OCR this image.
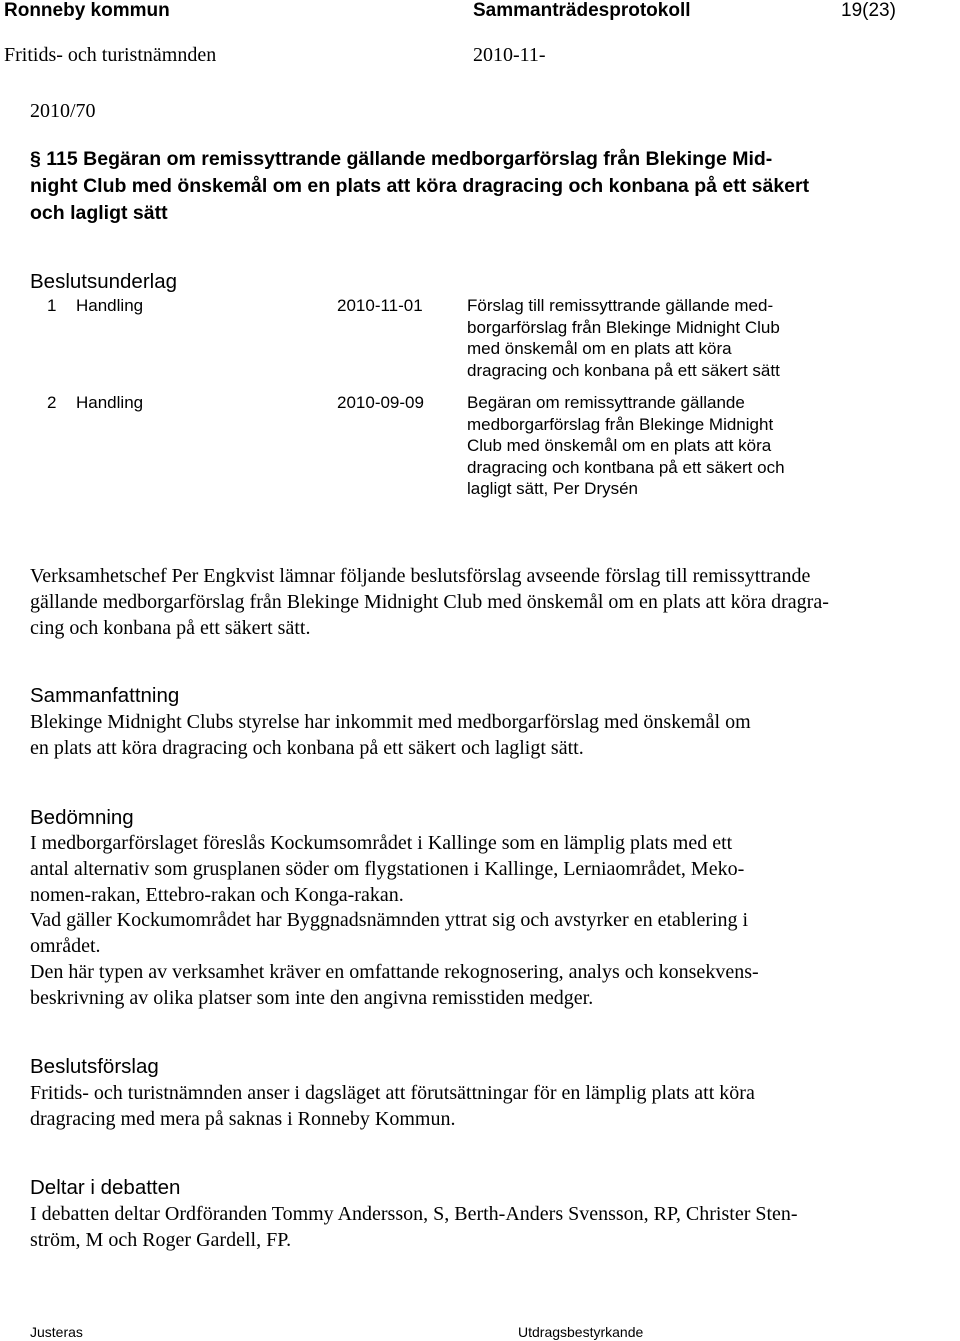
Ronneby kommun	Sammanträdesprotokoll	19(23)
Fritids- och turistnämnden	2010-11-
2010/70
§ 115 Begäran om remissyttrande gällande medborgarförslag från Blekinge Mid-
night Club med önskemål om en plats att köra dragracing och konbana på ett säkert
och lagligt sätt
Beslutsunderlag
1 Handling	2010-11-01	Förslag till remissyttrande gällande med-
borgarförslag från Blekinge Midnight Club
med önskemål om en plats att köra
dragracing och konbana på ett säkert sätt
2 Handling	2010-09-09	Begäran om remissyttrande gällande
medborgarförslag från Blekinge Midnight
Club med önskemål om en plats att köra
dragracing och kontbana på ett säkert och
lagligt sätt, Per Drysén
Verksamhetschef Per Engkvist lämnar följande beslutsförslag avseende förslag till remissyttrande
gällande medborgarförslag från Blekinge Midnight Club med önskemål om en plats att köra dragra-
cing och konbana på ett säkert sätt.
Sammanfattning
Blekinge Midnight Clubs styrelse har inkommit med medborgarförslag med önskemål om
en plats att köra dragracing och konbana på ett säkert och lagligt sätt.
Bedömning
I medborgarförslaget föreslås Kockumsområdet i Kallinge som en lämplig plats med ett
antal alternativ som grusplanen söder om flygstationen i Kallinge, Lerniaområdet, Meko-
nomen-rakan, Ettebro-rakan och Konga-rakan.
Vad gäller Kockumområdet har Byggnadsnämnden yttrat sig och avstyrker en etablering i
området.
Den här typen av verksamhet kräver en omfattande rekognosering, analys och konsekvens-
beskrivning av olika platser som inte den angivna remisstiden medger.
Beslutsförslag
Fritids- och turistnämnden anser i dagsläget att förutsättningar för en lämplig plats att köra
dragracing med mera på saknas i Ronneby Kommun.
Deltar i debatten
I debatten deltar Ordföranden Tommy Andersson, S, Berth-Anders Svensson, RP, Christer Sten-
ström, M och Roger Gardell, FP.
Justeras	Utdragsbestyrkande
